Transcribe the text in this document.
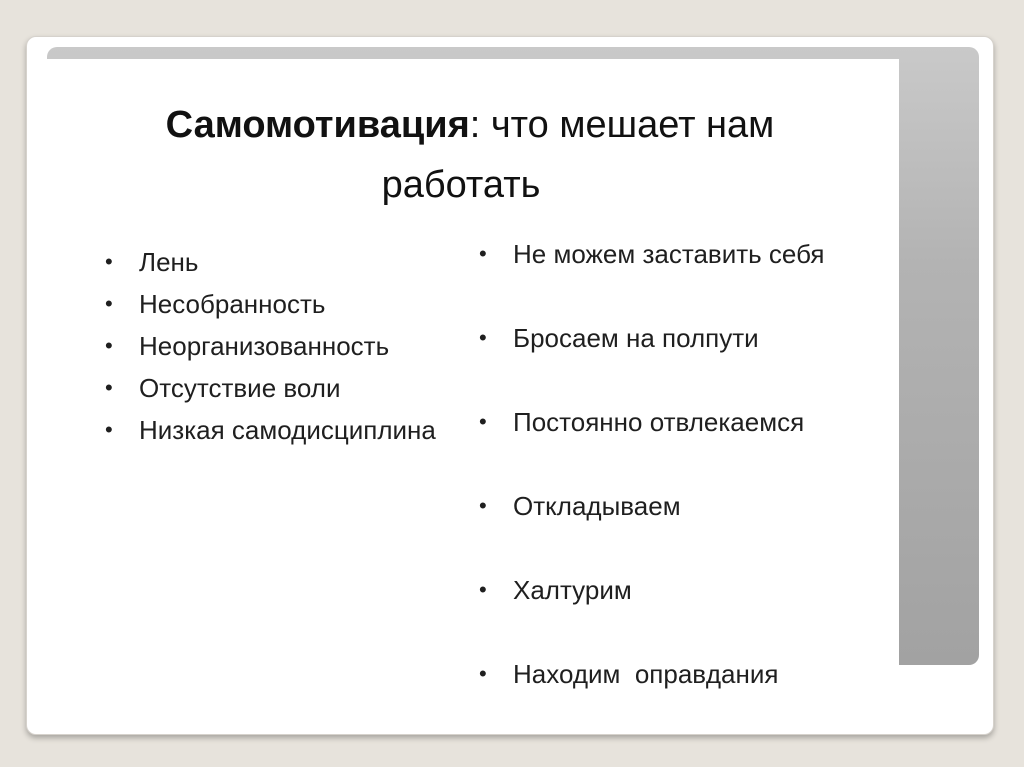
Самомотивация: что мешает нам
работать
• Лень
• Несобранность
• Неорганизованность
• Отсутствие воли
• Низкая самодисциплина
• Не можем заставить себя
• Бросаем на полпути
• Постоянно отвлекаемся
• Откладываем
• Халтурим
• Находим  оправдания
